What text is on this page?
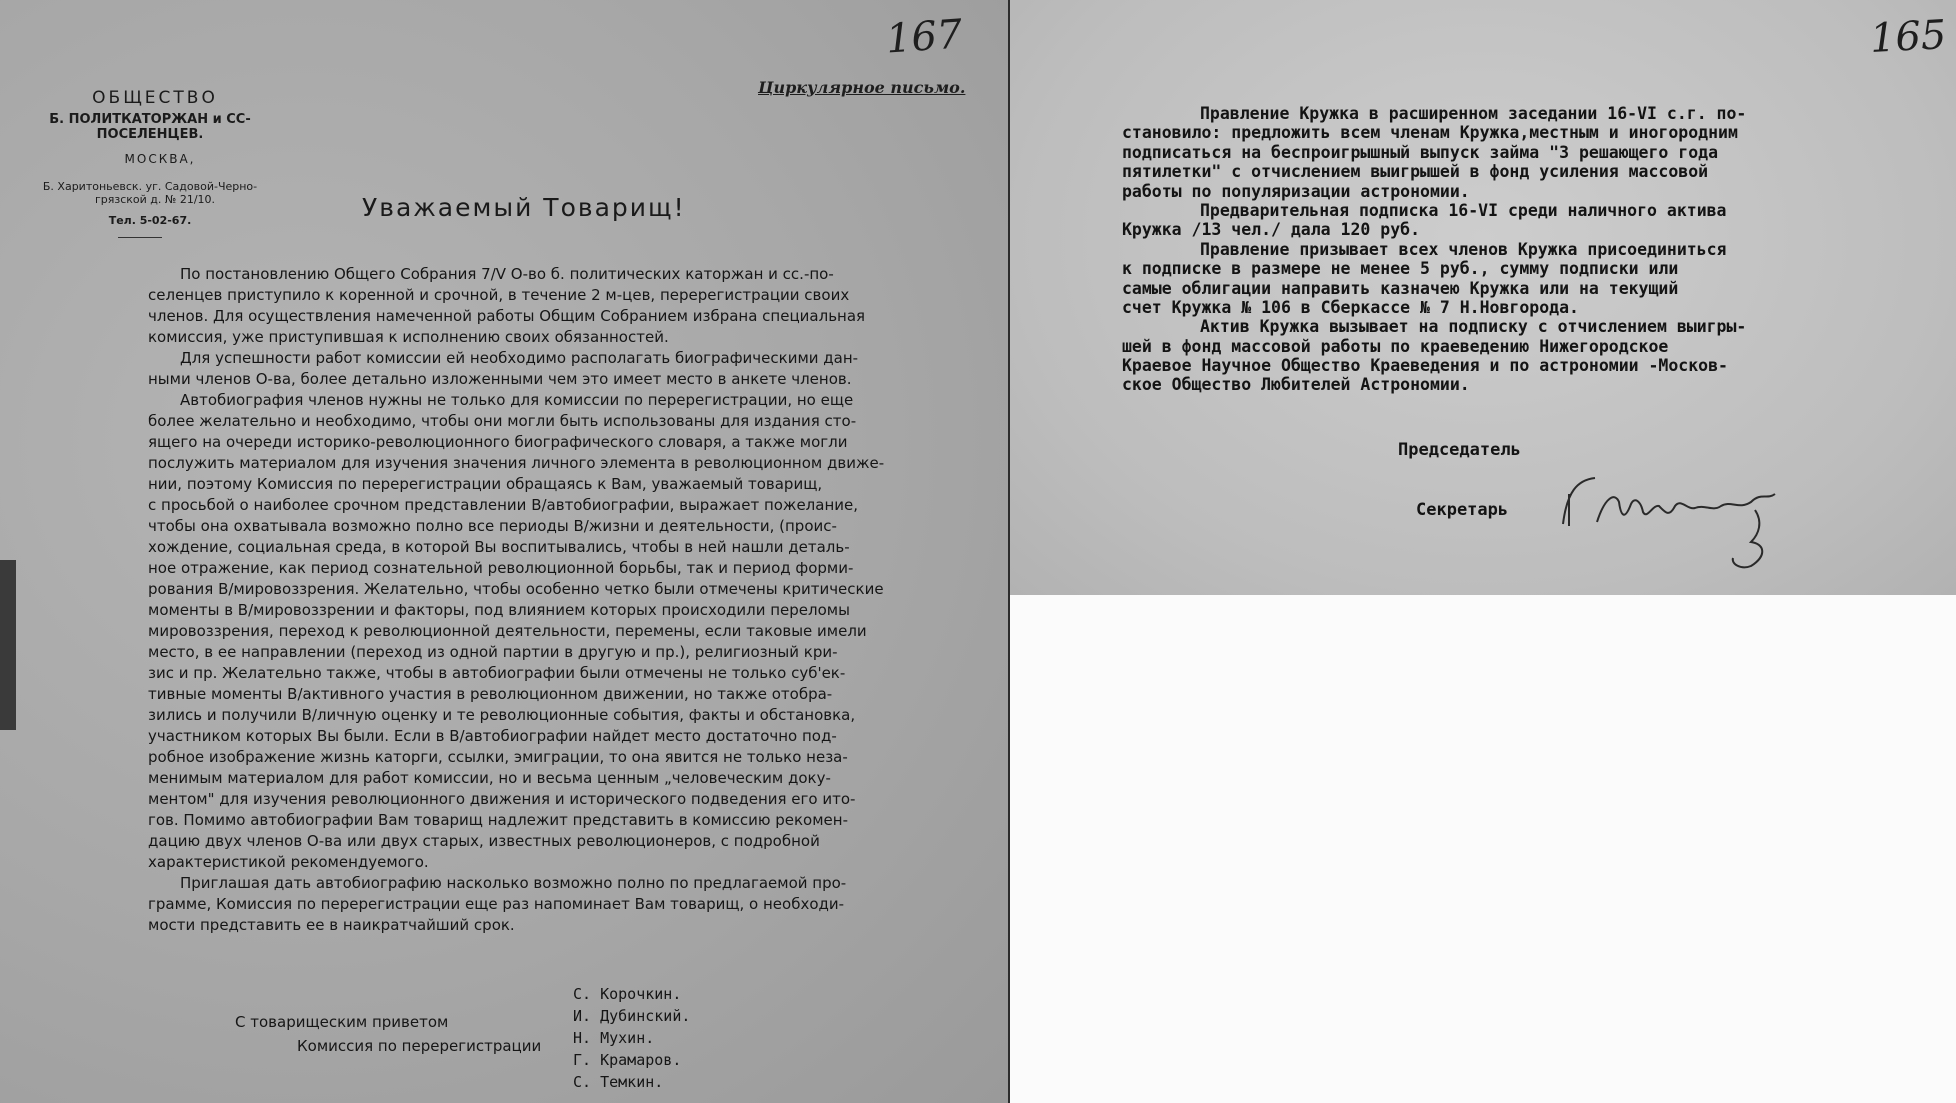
167
Циркулярное письмо.
ОБЩЕСТВО
Б. ПОЛИТКАТОРЖАН и СС-ПОСЕЛЕНЦЕВ.
МОСКВА,
Б. Харитоньевск. уг. Садовой-Черно-
грязской д. № 21/10.
Тел. 5-02-67.	Уважаемый Товарищ!
По постановлению Общего Собрания 7/V О-во б. политических каторжан и сс.-по-
селенцев приступило к коренной и срочной, в течение 2 м-цев, перерегистрации своих
членов. Для осуществления намеченной работы Общим Собранием избрана специальная
комиссия, уже приступившая к исполнению своих обязанностей.
Для успешности работ комиссии ей необходимо располагать биографическими дан-
ными членов О-ва, более детально изложенными чем это имеет место в анкете членов.
Автобиография членов нужны не только для комиссии по перерегистрации, но еще
более желательно и необходимо, чтобы они могли быть использованы для издания сто-
ящего на очереди историко-революционного биографического словаря, а также могли
послужить материалом для изучения значения личного элемента в революционном движе-
нии, поэтому Комиссия по перерегистрации обращаясь к Вам, уважаемый товарищ,
с просьбой о наиболее срочном представлении В/автобиографии, выражает пожелание,
чтобы она охватывала возможно полно все периоды В/жизни и деятельности, (проис-
хождение, социальная среда, в которой Вы воспитывались, чтобы в ней нашли деталь-
ное отражение, как период сознательной революционной борьбы, так и период форми-
рования В/мировоззрения. Желательно, чтобы особенно четко были отмечены критические
моменты в В/мировоззрении и факторы, под влиянием которых происходили переломы
мировоззрения, переход к революционной деятельности, перемены, если таковые имели
место, в ее направлении (переход из одной партии в другую и пр.), религиозный кри-
зис и пр. Желательно также, чтобы в автобиографии были отмечены не только суб'ек-
тивные моменты В/активного участия в революционном движении, но также отобра-
зились и получили В/личную оценку и те революционные события, факты и обстановка,
участником которых Вы были. Если в В/автобиографии найдет место достаточно под-
робное изображение жизнь каторги, ссылки, эмиграции, то она явится не только неза-
менимым материалом для работ комиссии, но и весьма ценным „человеческим доку-
ментом" для изучения революционного движения и исторического подведения его ито-
гов. Помимо автобиографии Вам товарищ надлежит представить в комиссию рекомен-
дацию двух членов О-ва или двух старых, известных революционеров, с подробной
характеристикой рекомендуемого.
Приглашая дать автобиографию насколько возможно полно по предлагаемой про-
грамме, Комиссия по перерегистрации еще раз напоминает Вам товарищ, о необходи-
мости представить ее в наикратчайший срок.
С товарищеским приветом
Комиссия по перерегистрации
С. Корочкин.
И. Дубинский.
Н. Мухин.
Г. Крамаров.
С. Темкин.
165
Правление Кружка в расширенном заседании 16-VI с.г. по-
становило: предложить всем членам Кружка,местным и иногородним
подписаться на беспроигрышный выпуск займа "3 решающего года
пятилетки" с отчислением выигрышей в фонд усиления массовой
работы по популяризации астрономии.
Предварительная подписка 16-VI среди наличного актива
Кружка /13 чел./ дала 120 руб.
Правление призывает всех членов Кружка присоединиться
к подписке в размере не менее 5 руб., сумму подписки или
самые облигации направить казначею Кружка или на текущий
счет Кружка № 106 в Сберкассе № 7 Н.Новгорода.
Актив Кружка вызывает на подписку с отчислением выигры-
шей в фонд массовой работы по краеведению Нижегородское
Краевое Научное Общество Краеведения и по астрономии -Москов-
ское Общество Любителей Астрономии.
Председатель
Секретарь
